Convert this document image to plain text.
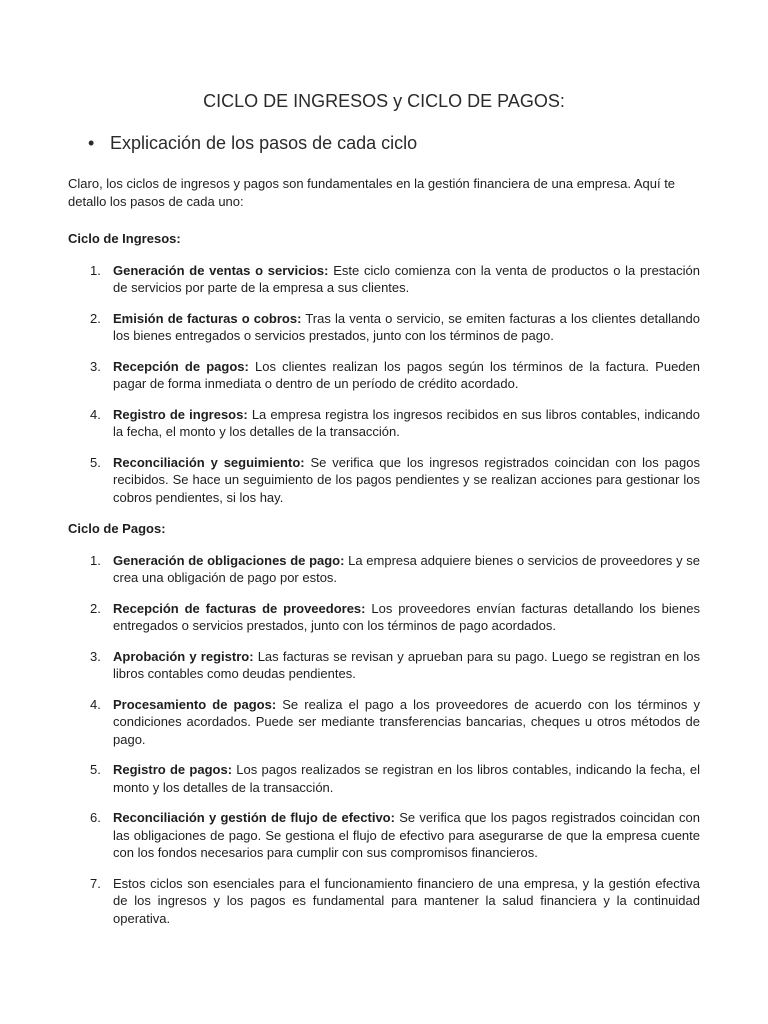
CICLO DE INGRESOS y CICLO DE PAGOS:
• Explicación de los pasos de cada ciclo

Claro, los ciclos de ingresos y pagos son fundamentales en la gestión financiera de una empresa. Aquí te detallo los pasos de cada uno:

Ciclo de Ingresos:

1. Generación de ventas o servicios: Este ciclo comienza con la venta de productos o la prestación de servicios por parte de la empresa a sus clientes.
2. Emisión de facturas o cobros: Tras la venta o servicio, se emiten facturas a los clientes detallando los bienes entregados o servicios prestados, junto con los términos de pago.
3. Recepción de pagos: Los clientes realizan los pagos según los términos de la factura. Pueden pagar de forma inmediata o dentro de un período de crédito acordado.
4. Registro de ingresos: La empresa registra los ingresos recibidos en sus libros contables, indicando la fecha, el monto y los detalles de la transacción.
5. Reconciliación y seguimiento: Se verifica que los ingresos registrados coincidan con los pagos recibidos. Se hace un seguimiento de los pagos pendientes y se realizan acciones para gestionar los cobros pendientes, si los hay.

Ciclo de Pagos:

1. Generación de obligaciones de pago: La empresa adquiere bienes o servicios de proveedores y se crea una obligación de pago por estos.
2. Recepción de facturas de proveedores: Los proveedores envían facturas detallando los bienes entregados o servicios prestados, junto con los términos de pago acordados.
3. Aprobación y registro: Las facturas se revisan y aprueban para su pago. Luego se registran en los libros contables como deudas pendientes.
4. Procesamiento de pagos: Se realiza el pago a los proveedores de acuerdo con los términos y condiciones acordados. Puede ser mediante transferencias bancarias, cheques u otros métodos de pago.
5. Registro de pagos: Los pagos realizados se registran en los libros contables, indicando la fecha, el monto y los detalles de la transacción.
6. Reconciliación y gestión de flujo de efectivo: Se verifica que los pagos registrados coincidan con las obligaciones de pago. Se gestiona el flujo de efectivo para asegurarse de que la empresa cuente con los fondos necesarios para cumplir con sus compromisos financieros.
7. Estos ciclos son esenciales para el funcionamiento financiero de una empresa, y la gestión efectiva de los ingresos y los pagos es fundamental para mantener la salud financiera y la continuidad operativa.
